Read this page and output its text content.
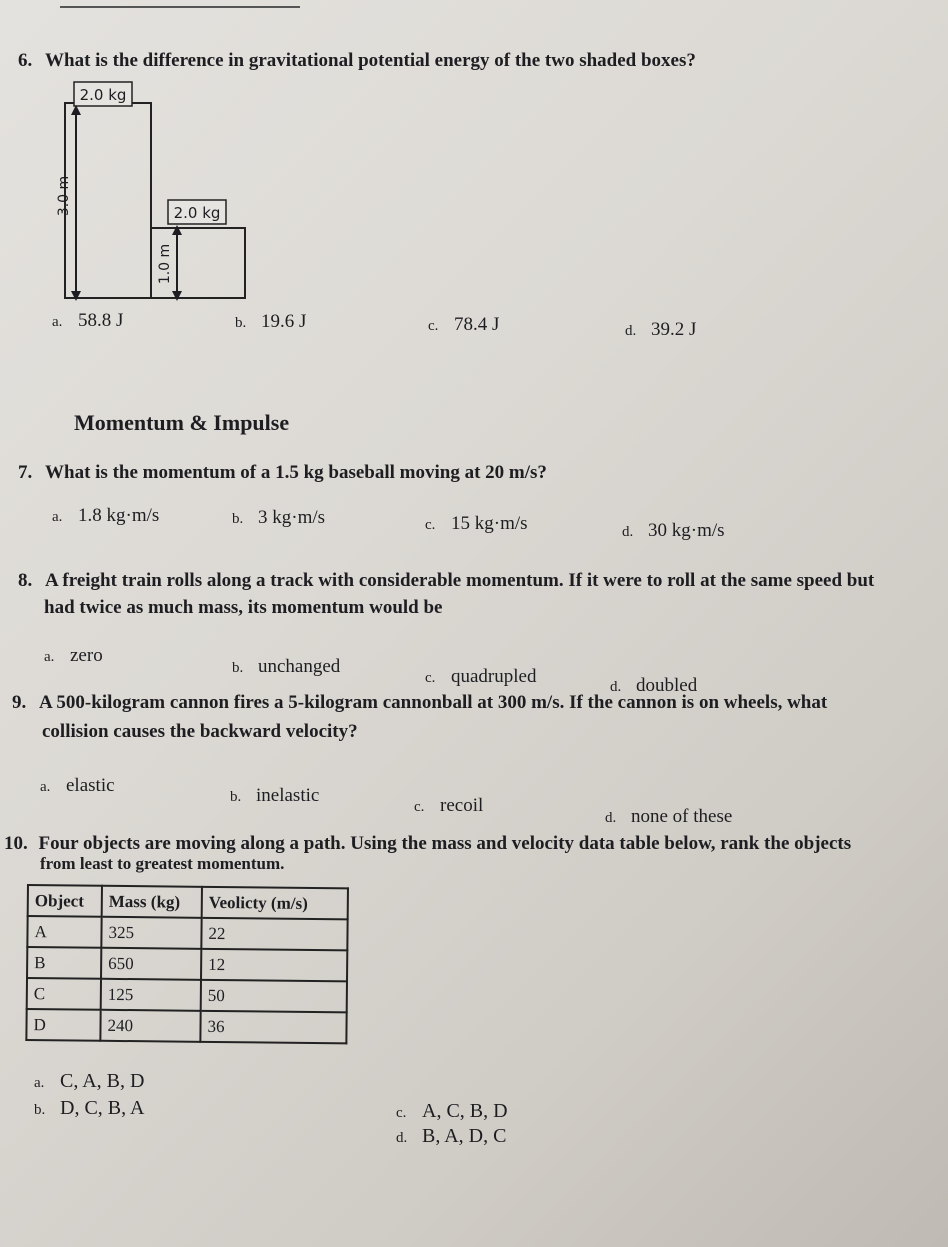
6. What is the difference in gravitational potential energy of the two shaded boxes?
2.0 kg
2.0 kg
3.0 m
1.0 m
a. 58.8 J	b. 19.6 J	c. 78.4 J	d. 39.2 J
Momentum & Impulse
7. What is the momentum of a 1.5 kg baseball moving at 20 m/s?
a. 1.8 kg·m/s	b. 3 kg·m/s	c. 15 kg·m/s	d. 30 kg·m/s
8. A freight train rolls along a track with considerable momentum. If it were to roll at the same speed but
had twice as much mass, its momentum would be
a. zero
b. unchanged
c. quadrupled	d. doubled
9. A 500-kilogram cannon fires a 5-kilogram cannonball at 300 m/s. If the cannon is on wheels, what
collision causes the backward velocity?
a. elastic
b. inelastic
c. recoil
d. none of these
10. Four objects are moving along a path. Using the mass and velocity data table below, rank the objects
from least to greatest momentum.
Object	Mass (kg)	Veolicty (m/s)
A	325	22
B	650	12
C	125	50
D	240	36
a. C, A, B, D
b. D, C, B, A	c. A, C, B, D
d. B, A, D, C
